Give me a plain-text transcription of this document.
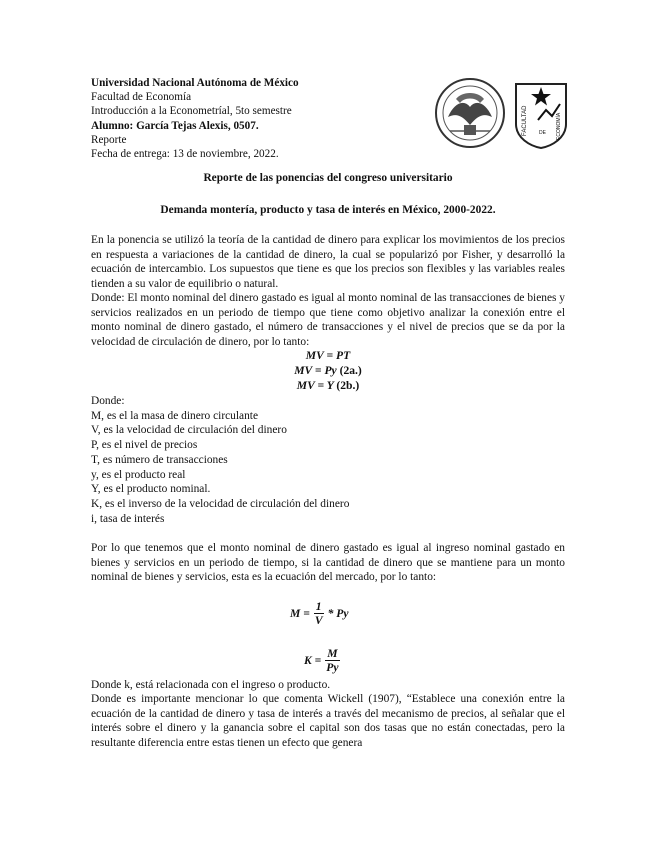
Universidad Nacional Autónoma de México
Facultad de Economía
Introducción a la Econometríal, 5to semestre
Alumno: García Tejas Alexis, 0507.
Reporte
Fecha de entrega: 13 de noviembre, 2022.
FACULTAD DE ECONOMÍA
Reporte de las ponencias del congreso universitario
Demanda montería, producto y tasa de interés en México, 2000-2022.
En la ponencia se utilizó la teoría de la cantidad de dinero para explicar los movimientos de los precios en respuesta a variaciones de la cantidad de dinero, la cual se popularizó por Fisher, y desarrolló la ecuación de intercambio. Los supuestos que tiene es que los precios son flexibles y las variables reales tienden a su valor de equilibrio o natural.
Donde: El monto nominal del dinero gastado es igual al monto nominal de las transacciones de bienes y servicios realizados en un periodo de tiempo que tiene como objetivo analizar la conexión entre el monto nominal de dinero gastado, el número de transacciones y el nivel de precios que se da por la velocidad de circulación de dinero, por lo tanto:
MV = PT
MV = Py (2a.)
MV = Y (2b.)
Donde:
M, es el la masa de dinero circulante
V, es la velocidad de circulación del dinero
P, es el nivel de precios
T, es número de transacciones
y, es el producto real
Y, es el producto nominal.
K, es el inverso de la velocidad de circulación del dinero
i, tasa de interés
Por lo que tenemos que el monto nominal de dinero gastado es igual al ingreso nominal gastado en bienes y servicios en un periodo de tiempo, si la cantidad de dinero que se mantiene para un monto nominal de bienes y servicios, esta es la ecuación del mercado, por lo tanto:
$M = \frac{1}{V} * Py$
$K = \frac{M}{Py}$
Donde k, está relacionada con el ingreso o producto.
Donde es importante mencionar lo que comenta Wickell (1907), “Establece una conexión entre la ecuación de la cantidad de dinero y tasa de interés a través del mecanismo de precios, al señalar que el interés sobre el dinero y la ganancia sobre el capital son dos tasas que no están conectadas, pero la resultante diferencia entre estas tienen un efecto que genera
